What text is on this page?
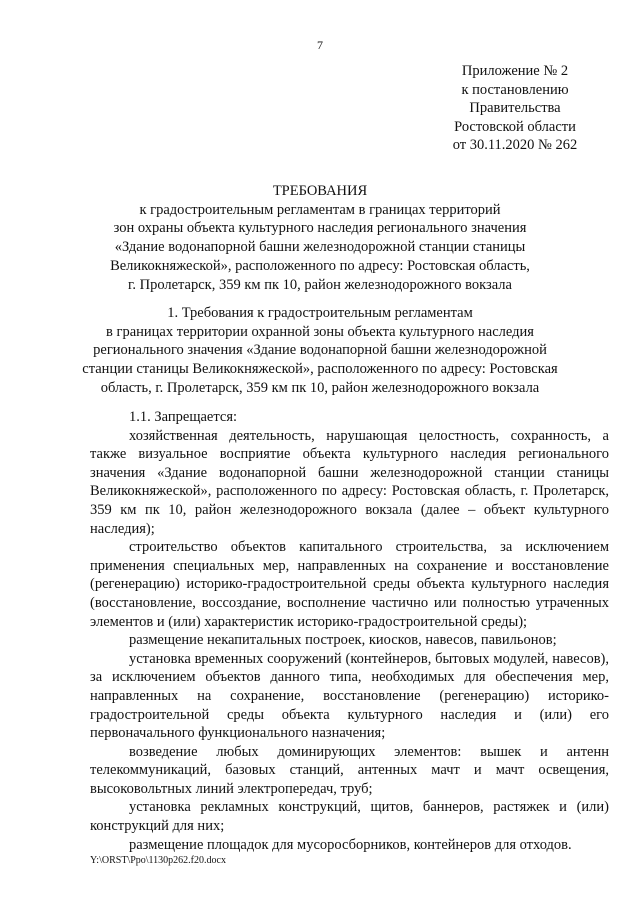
7
Приложение № 2
к постановлению
Правительства
Ростовской области
от 30.11.2020 № 262
ТРЕБОВАНИЯ
к градостроительным регламентам в границах территорий
зон охраны объекта культурного наследия регионального значения
«Здание водонапорной башни железнодорожной станции станицы
Великокняжеской», расположенного по адресу: Ростовская область,
г. Пролетарск, 359 км пк 10, район железнодорожного вокзала
1. Требования к градостроительным регламентам
в границах территории охранной зоны объекта культурного наследия
регионального значения «Здание водонапорной башни железнодорожной
станции станицы Великокняжеской», расположенного по адресу: Ростовская
область, г. Пролетарск, 359 км пк 10, район железнодорожного вокзала

1.1. Запрещается:

хозяйственная деятельность, нарушающая целостность, сохранность, а также визуальное восприятие объекта культурного наследия регионального значения «Здание водонапорной башни железнодорожной станции станицы Великокняжеской», расположенного по адресу: Ростовская область, г. Пролетарск, 359 км пк 10, район железнодорожного вокзала (далее – объект культурного наследия);

строительство объектов капитального строительства, за исключением применения специальных мер, направленных на сохранение и восстановление (регенерацию) историко-градостроительной среды объекта культурного наследия (восстановление, воссоздание, восполнение частично или полностью утраченных элементов и (или) характеристик историко-градостроительной среды);

размещение некапитальных построек, киосков, навесов, павильонов;

установка временных сооружений (контейнеров, бытовых модулей, навесов), за исключением объектов данного типа, необходимых для обеспечения мер, направленных на сохранение, восстановление (регенерацию) историко-градостроительной среды объекта культурного наследия и (или) его первоначального функционального назначения;

возведение любых доминирующих элементов: вышек и антенн телекоммуникаций, базовых станций, антенных мачт и мачт освещения, высоковольтных линий электропередач, труб;

установка рекламных конструкций, щитов, баннеров, растяжек и (или) конструкций для них;

размещение площадок для мусоросборников, контейнеров для отходов.

Y:\ORST\Ppo\1130p262.f20.docx
